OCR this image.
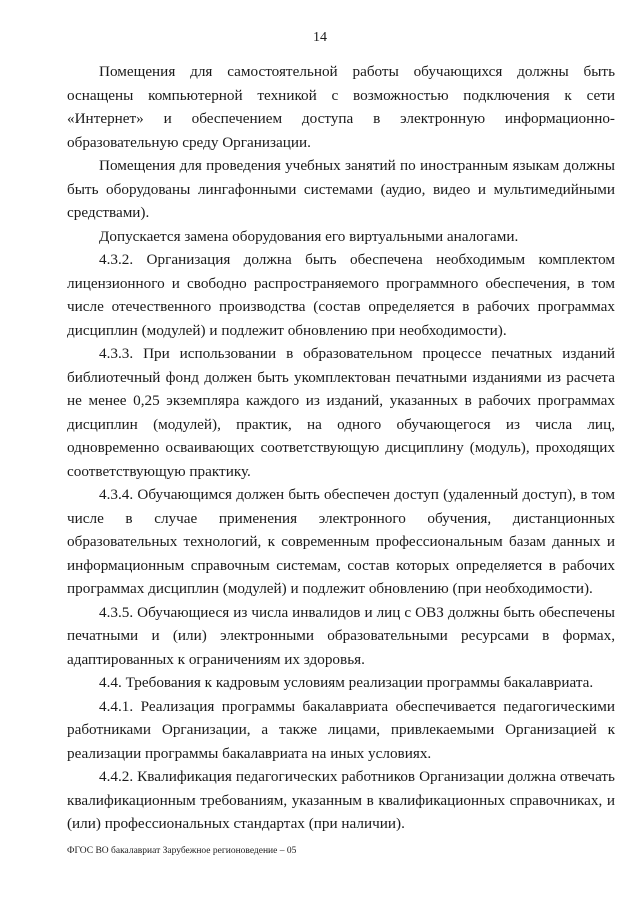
14

Помещения для самостоятельной работы обучающихся должны быть оснащены компьютерной техникой с возможностью подключения к сети «Интернет» и обеспечением доступа в электронную информационно-образовательную среду Организации.

Помещения для проведения учебных занятий по иностранным языкам должны быть оборудованы лингафонными системами (аудио, видео и мультимедийными средствами).

Допускается замена оборудования его виртуальными аналогами.

4.3.2. Организация должна быть обеспечена необходимым комплектом лицензионного и свободно распространяемого программного обеспечения, в том числе отечественного производства (состав определяется в рабочих программах дисциплин (модулей) и подлежит обновлению при необходимости).

4.3.3. При использовании в образовательном процессе печатных изданий библиотечный фонд должен быть укомплектован печатными изданиями из расчета не менее 0,25 экземпляра каждого из изданий, указанных в рабочих программах дисциплин (модулей), практик, на одного обучающегося из числа лиц, одновременно осваивающих соответствующую дисциплину (модуль), проходящих соответствующую практику.

4.3.4. Обучающимся должен быть обеспечен доступ (удаленный доступ), в том числе в случае применения электронного обучения, дистанционных образовательных технологий, к современным профессиональным базам данных и информационным справочным системам, состав которых определяется в рабочих программах дисциплин (модулей) и подлежит обновлению (при необходимости).

4.3.5. Обучающиеся из числа инвалидов и лиц с ОВЗ должны быть обеспечены печатными и (или) электронными образовательными ресурсами в формах, адаптированных к ограничениям их здоровья.

4.4. Требования к кадровым условиям реализации программы бакалавриата.

4.4.1. Реализация программы бакалавриата обеспечивается педагогическими работниками Организации, а также лицами, привлекаемыми Организацией к реализации программы бакалавриата на иных условиях.

4.4.2. Квалификация педагогических работников Организации должна отвечать квалификационным требованиям, указанным в квалификационных справочниках, и (или) профессиональных стандартах (при наличии).

ФГОС ВО бакалавриат Зарубежное регионоведение – 05
